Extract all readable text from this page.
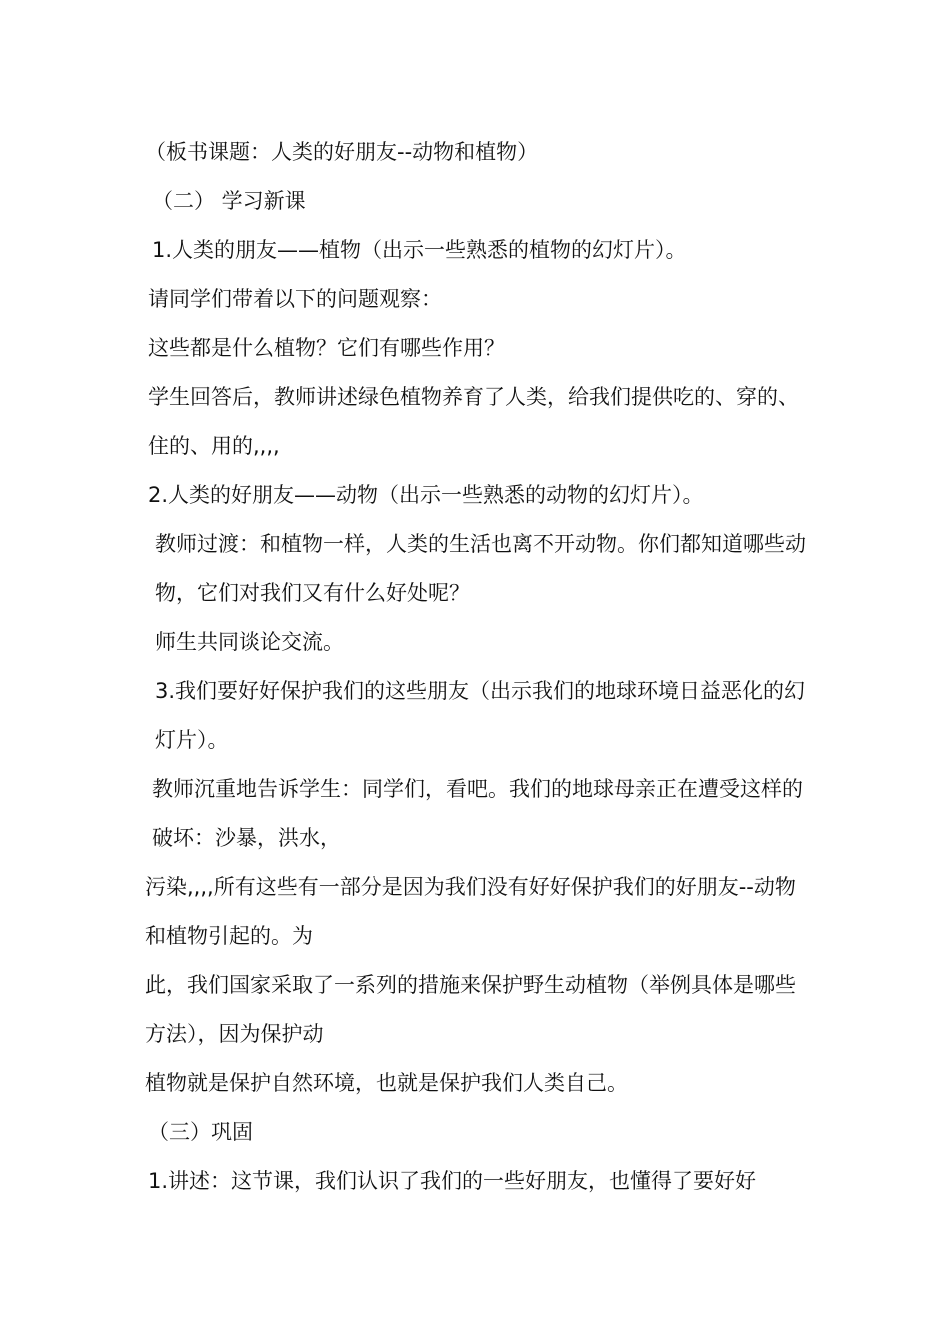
（板书课题：人类的好朋友--动物和植物）

（二） 学习新课

1.人类的朋友——植物（出示一些熟悉的植物的幻灯片）。

请同学们带着以下的问题观察：

这些都是什么植物？它们有哪些作用？

学生回答后，教师讲述绿色植物养育了人类，给我们提供吃的、穿的、住的、用的,,,,

2.人类的好朋友——动物（出示一些熟悉的动物的幻灯片）。

教师过渡：和植物一样，人类的生活也离不开动物。你们都知道哪些动物，它们对我们又有什么好处呢？

师生共同谈论交流。

3.我们要好好保护我们的这些朋友（出示我们的地球环境日益恶化的幻灯片）。

教师沉重地告诉学生：同学们，看吧。我们的地球母亲正在遭受这样的破坏：沙暴，洪水，

污染,,,,所有这些有一部分是因为我们没有好好保护我们的好朋友--动物和植物引起的。为

此，我们国家采取了一系列的措施来保护野生动植物（举例具体是哪些方法），因为保护动

植物就是保护自然环境，也就是保护我们人类自己。

（三）巩固

1.讲述：这节课，我们认识了我们的一些好朋友，也懂得了要好好
